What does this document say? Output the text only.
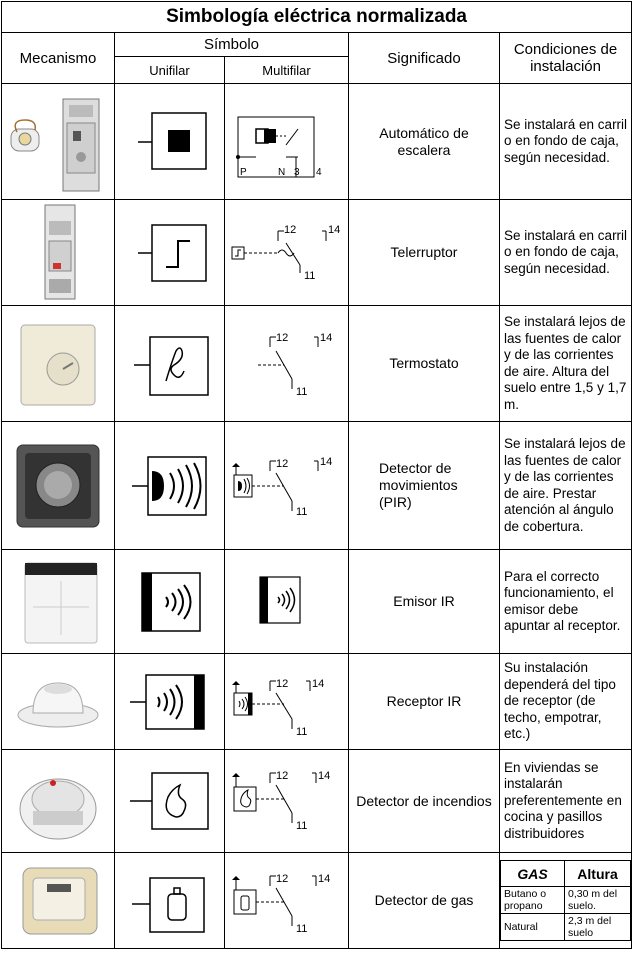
Simbología eléctrica normalizada
Mecanismo	Símbolo	Significado	Condiciones de instalación
Unifilar	Multifilar

P	N 3 4
	Automático de escalera	Se instalará en carril o en fondo de caja, según necesidad.

12	14
11
	Telerruptor	Se instalará en carril o en fondo de caja, según necesidad.

12	14
11
	Termostato	Se instalará lejos de las fuentes de calor y de las corrientes de aire. Altura del suelo entre 1,5 y 1,7 m.

12	14
11
	Detector de movimientos (PIR)	Se instalará lejos de las fuentes de calor y de las corrientes de aire. Prestar atención al ángulo de cobertura.

	Emisor IR	Para el correcto funcionamiento, el emisor debe apuntar al receptor.

12 14
11
	Receptor IR	Su instalación dependerá del tipo de receptor (de techo, empotrar, etc.)

12	14
11
	Detector de incendios	En viviendas se instalarán preferentemente en cocina y pasillos distribuidores

12	14
11
	Detector de gas	
GAS	Altura
Butano o propano	0,30 m del suelo.
Natural	2,3 m del suelo
